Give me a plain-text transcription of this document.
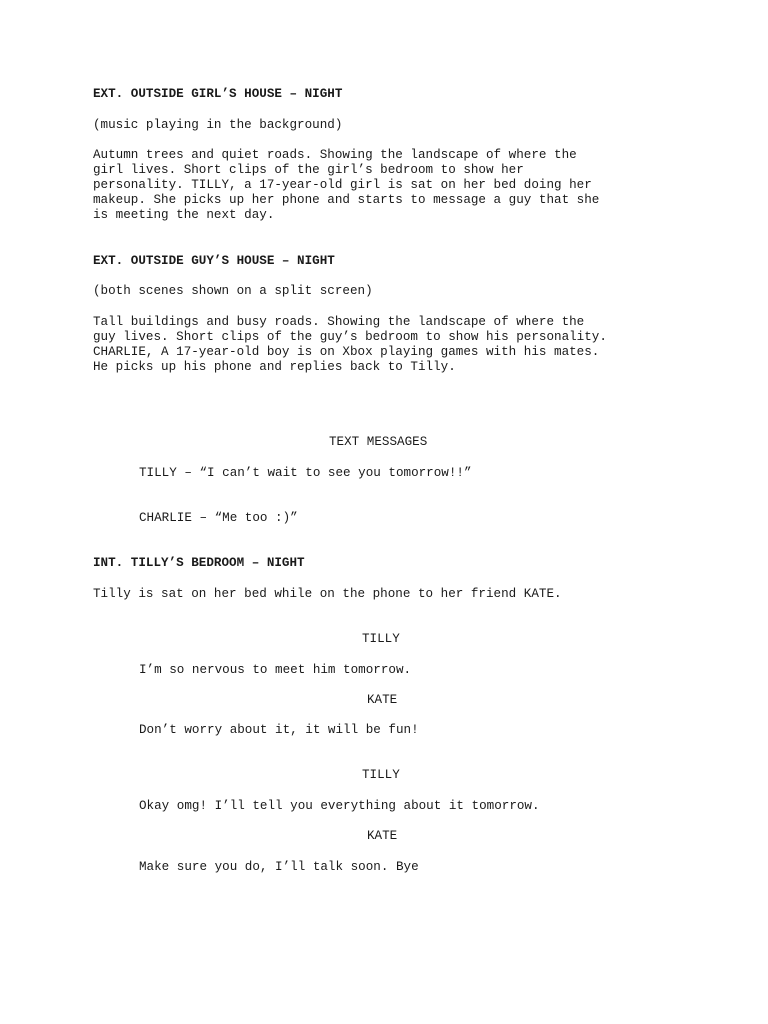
EXT. OUTSIDE GIRL’S HOUSE – NIGHT

(music playing in the background)

Autumn trees and quiet roads. Showing the landscape of where the

girl lives. Short clips of the girl’s bedroom to show her

personality. TILLY, a 17-year-old girl is sat on her bed doing her

makeup. She picks up her phone and starts to message a guy that she

is meeting the next day.

EXT. OUTSIDE GUY’S HOUSE – NIGHT

(both scenes shown on a split screen)

Tall buildings and busy roads. Showing the landscape of where the

guy lives. Short clips of the guy’s bedroom to show his personality.

CHARLIE, A 17-year-old boy is on Xbox playing games with his mates.

He picks up his phone and replies back to Tilly.

TEXT MESSAGES

TILLY – “I can’t wait to see you tomorrow!!”

CHARLIE – “Me too :)”

INT. TILLY’S BEDROOM – NIGHT

Tilly is sat on her bed while on the phone to her friend KATE.

TILLY

I’m so nervous to meet him tomorrow.

KATE

Don’t worry about it, it will be fun!

TILLY

Okay omg! I’ll tell you everything about it tomorrow.

KATE

Make sure you do, I’ll talk soon. Bye
